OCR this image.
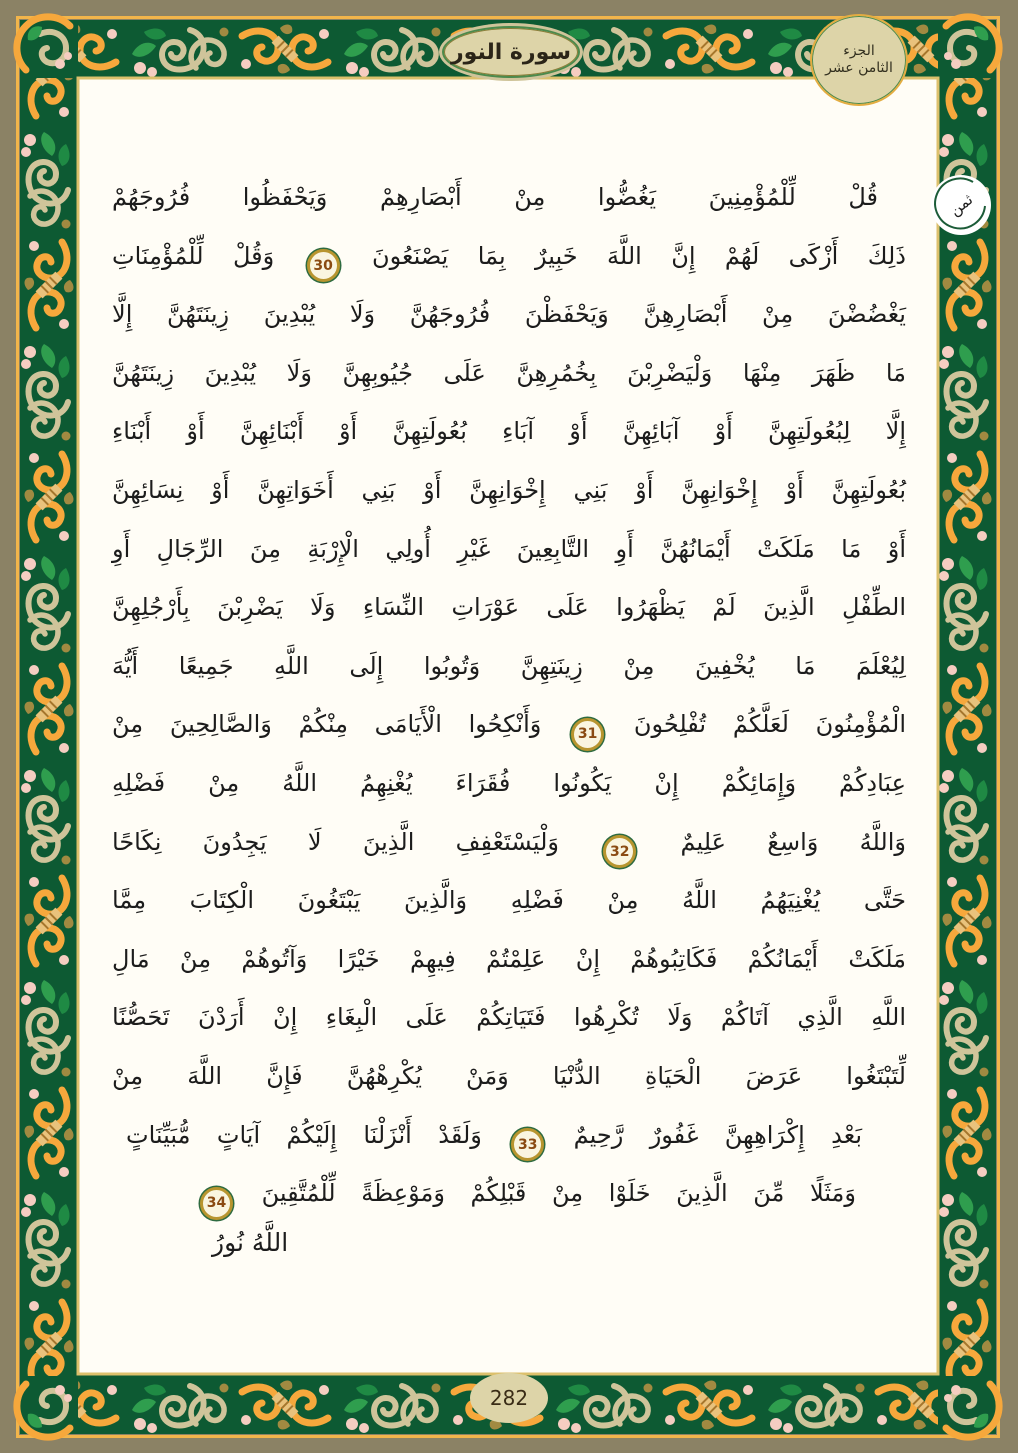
سورة النور	الجزء
الثامن عشر
ثمن
قُلْ لِّلْمُؤْمِنِينَ يَغُضُّوا مِنْ أَبْصَارِهِمْ وَيَحْفَظُوا فُرُوجَهُمْ
ذَلِكَ أَزْكَى لَهُمْ إِنَّ اللَّهَ خَبِيرٌ بِمَا يَصْنَعُونَ 30 وَقُلْ لِّلْمُؤْمِنَاتِ
يَغْضُضْنَ مِنْ أَبْصَارِهِنَّ وَيَحْفَظْنَ فُرُوجَهُنَّ وَلَا يُبْدِينَ زِينَتَهُنَّ إِلَّا
مَا ظَهَرَ مِنْهَا وَلْيَضْرِبْنَ بِخُمُرِهِنَّ عَلَى جُيُوبِهِنَّ وَلَا يُبْدِينَ زِينَتَهُنَّ
إِلَّا لِبُعُولَتِهِنَّ أَوْ آبَائِهِنَّ أَوْ آبَاءِ بُعُولَتِهِنَّ أَوْ أَبْنَائِهِنَّ أَوْ أَبْنَاءِ
بُعُولَتِهِنَّ أَوْ إِخْوَانِهِنَّ أَوْ بَنِي إِخْوَانِهِنَّ أَوْ بَنِي أَخَوَاتِهِنَّ أَوْ نِسَائِهِنَّ
أَوْ مَا مَلَكَتْ أَيْمَانُهُنَّ أَوِ التَّابِعِينَ غَيْرِ أُولِي الْإِرْبَةِ مِنَ الرِّجَالِ أَوِ
الطِّفْلِ الَّذِينَ لَمْ يَظْهَرُوا عَلَى عَوْرَاتِ النِّسَاءِ وَلَا يَضْرِبْنَ بِأَرْجُلِهِنَّ
لِيُعْلَمَ مَا يُخْفِينَ مِنْ زِينَتِهِنَّ وَتُوبُوا إِلَى اللَّهِ جَمِيعًا أَيُّهَ
الْمُؤْمِنُونَ لَعَلَّكُمْ تُفْلِحُونَ 31 وَأَنْكِحُوا الْأَيَامَى مِنْكُمْ وَالصَّالِحِينَ مِنْ
عِبَادِكُمْ وَإِمَائِكُمْ إِنْ يَكُونُوا فُقَرَاءَ يُغْنِهِمُ اللَّهُ مِنْ فَضْلِهِ
وَاللَّهُ وَاسِعٌ عَلِيمٌ 32 وَلْيَسْتَعْفِفِ الَّذِينَ لَا يَجِدُونَ نِكَاحًا
حَتَّى يُغْنِيَهُمُ اللَّهُ مِنْ فَضْلِهِ وَالَّذِينَ يَبْتَغُونَ الْكِتَابَ مِمَّا
مَلَكَتْ أَيْمَانُكُمْ فَكَاتِبُوهُمْ إِنْ عَلِمْتُمْ فِيهِمْ خَيْرًا وَآتُوهُمْ مِنْ مَالِ
اللَّهِ الَّذِي آتَاكُمْ وَلَا تُكْرِهُوا فَتَيَاتِكُمْ عَلَى الْبِغَاءِ إِنْ أَرَدْنَ تَحَصُّنًا
لِّتَبْتَغُوا عَرَضَ الْحَيَاةِ الدُّنْيَا وَمَنْ يُكْرِهْهُنَّ فَإِنَّ اللَّهَ مِنْ
بَعْدِ إِكْرَاهِهِنَّ غَفُورٌ رَّحِيمٌ 33 وَلَقَدْ أَنْزَلْنَا إِلَيْكُمْ آيَاتٍ مُّبَيِّنَاتٍ
وَمَثَلًا مِّنَ الَّذِينَ خَلَوْا مِنْ قَبْلِكُمْ وَمَوْعِظَةً لِّلْمُتَّقِينَ 34
اللَّهُ نُورُ
282
